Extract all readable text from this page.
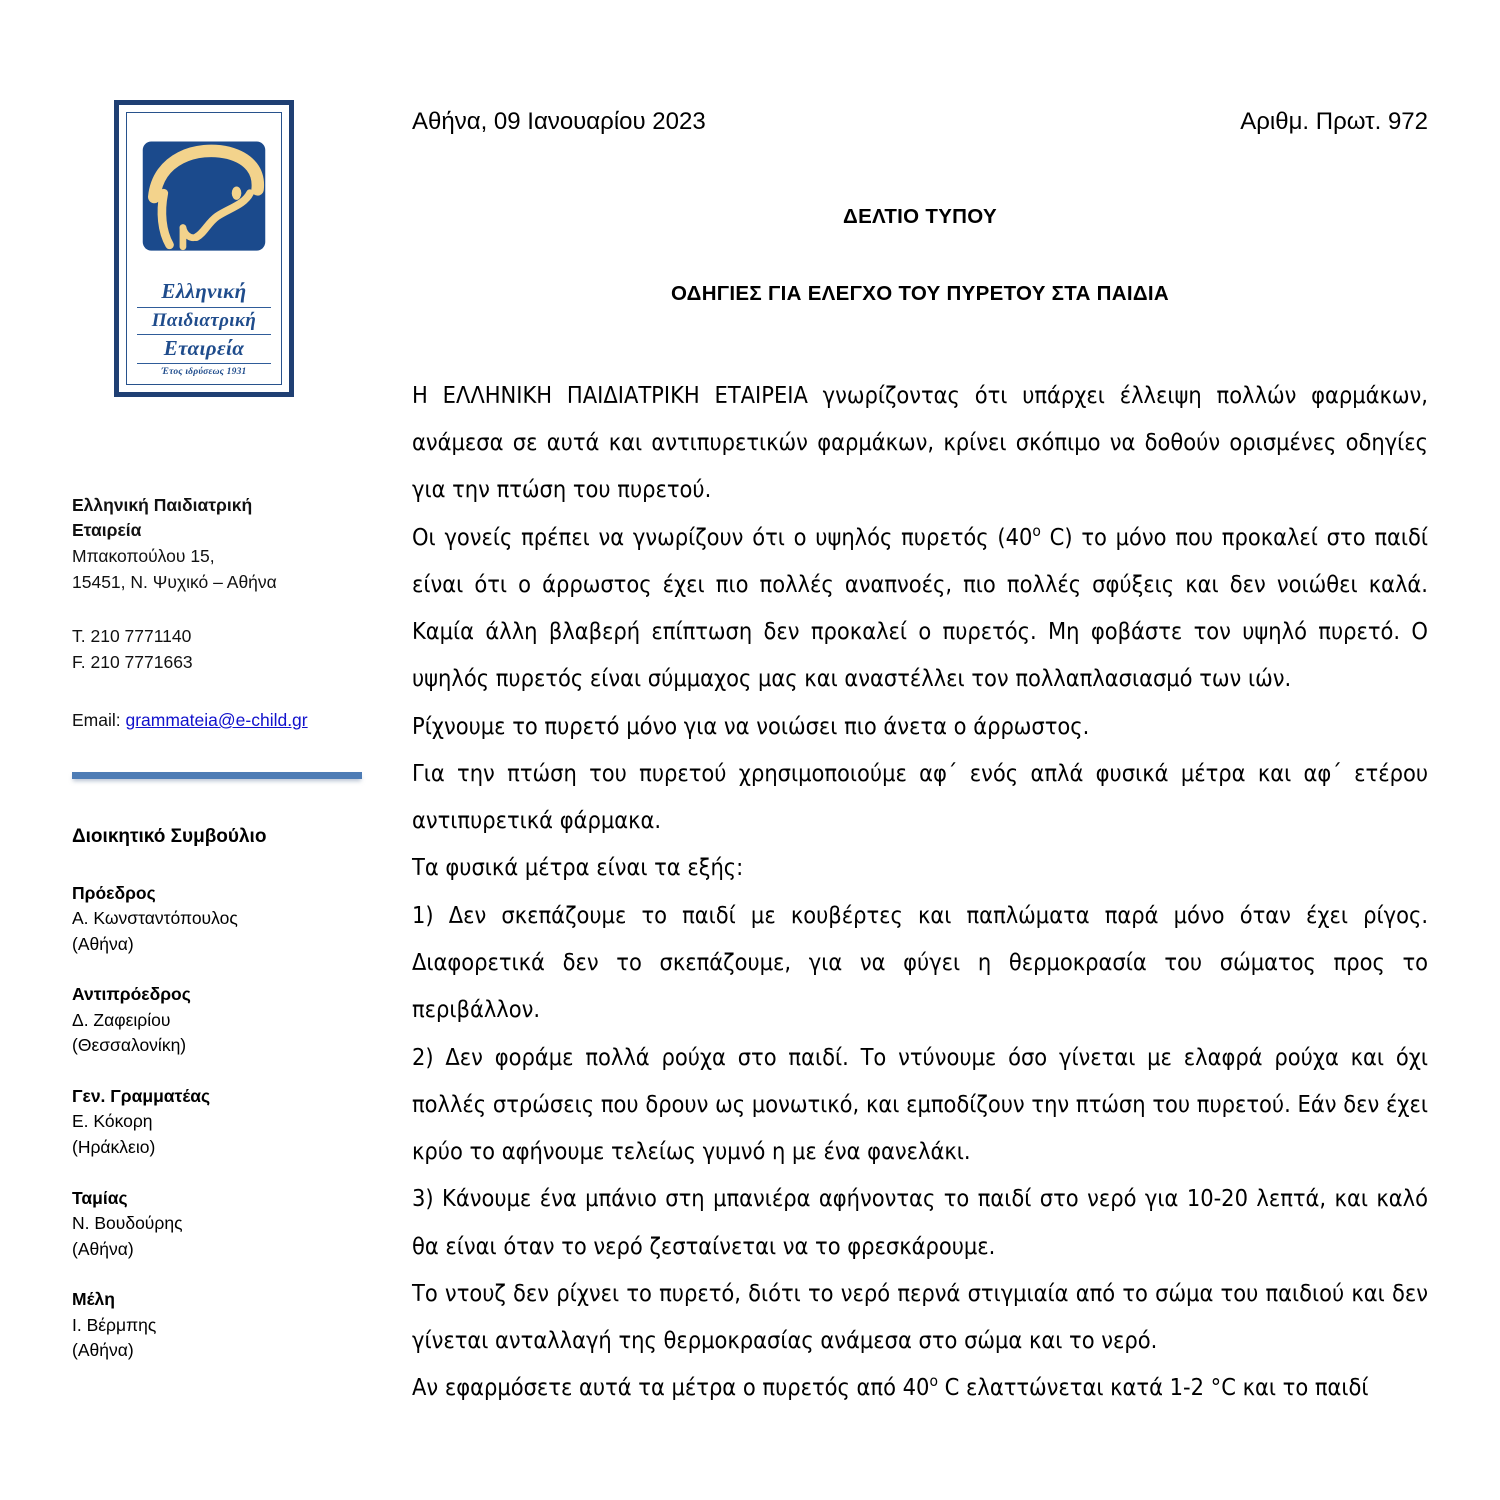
Ελληνική
Παιδιατρική
Εταιρεία
Έτος ιδρύσεως 1931
Ελληνική Παιδιατρική
Εταιρεία
Μπακοπούλου 15,
15451, Ν. Ψυχικό – Αθήνα
Τ. 210 7771140
F. 210 7771663
Email: grammateia@e-child.gr
Διοικητικό Συμβούλιο
Πρόεδρος
Α. Κωνσταντόπουλος
(Αθήνα)
Αντιπρόεδρος
Δ. Ζαφειρίου
(Θεσσαλονίκη)
Γεν. Γραμματέας
Ε. Κόκορη
(Ηράκλειο)
Ταμίας
Ν. Βουδούρης
(Αθήνα)
Μέλη
Ι. Βέρμπης
(Αθήνα)
Αθήνα, 09 Ιανουαρίου 2023	Αριθμ. Πρωτ. 972
ΔΕΛΤΙΟ ΤΥΠΟΥ
ΟΔΗΓΙΕΣ ΓΙΑ ΕΛΕΓΧΟ ΤΟΥ ΠΥΡΕΤΟΥ ΣΤΑ ΠΑΙΔΙΑ

Η ΕΛΛΗΝΙΚΗ ΠΑΙΔΙΑΤΡΙΚΗ ΕΤΑΙΡΕΙΑ γνωρίζοντας ότι υπάρχει έλλειψη πολλών φαρμάκων, ανάμεσα σε αυτά και αντιπυρετικών φαρμάκων, κρίνει σκόπιμο να δοθούν ορισμένες οδηγίες για την πτώση του πυρετού.

Οι γονείς πρέπει να γνωρίζουν ότι ο υψηλός πυρετός ($40^o$ C) το μόνο που προκαλεί στο παιδί είναι ότι ο άρρωστος έχει πιο πολλές αναπνοές, πιο πολλές σφύξεις και δεν νοιώθει καλά. Καμία άλλη βλαβερή επίπτωση δεν προκαλεί ο πυρετός. Μη φοβάστε τον υψηλό πυρετό. Ο υψηλός πυρετός είναι σύμμαχος μας και αναστέλλει τον πολλαπλασιασμό των ιών.

Ρίχνουμε το πυρετό μόνο για να νοιώσει πιο άνετα ο άρρωστος.

Για την πτώση του πυρετού χρησιμοποιούμε αφ΄ ενός απλά φυσικά μέτρα και αφ΄ ετέρου αντιπυρετικά φάρμακα.

Τα φυσικά μέτρα είναι τα εξής:

1) Δεν σκεπάζουμε το παιδί με κουβέρτες και παπλώματα παρά μόνο όταν έχει ρίγος. Διαφορετικά δεν το σκεπάζουμε, για να φύγει η θερμοκρασία του σώματος προς το περιβάλλον.

2) Δεν φοράμε πολλά ρούχα στο παιδί. Το ντύνουμε όσο γίνεται με ελαφρά ρούχα και όχι πολλές στρώσεις που δρουν ως μονωτικό, και εμποδίζουν την πτώση του πυρετού. Εάν δεν έχει κρύο το αφήνουμε τελείως γυμνό η με ένα φανελάκι.

3) Κάνουμε ένα μπάνιο στη μπανιέρα αφήνοντας το παιδί στο νερό για 10-20 λεπτά, και καλό θα είναι όταν το νερό ζεσταίνεται να το φρεσκάρουμε.

Το ντουζ δεν ρίχνει το πυρετό, διότι το νερό περνά στιγμιαία από το σώμα του παιδιού και δεν γίνεται ανταλλαγή της θερμοκρασίας ανάμεσα στο σώμα και το νερό.

Αν εφαρμόσετε αυτά τα μέτρα ο πυρετός από $40^o$ C ελαττώνεται κατά 1-2 °C και το παιδί
